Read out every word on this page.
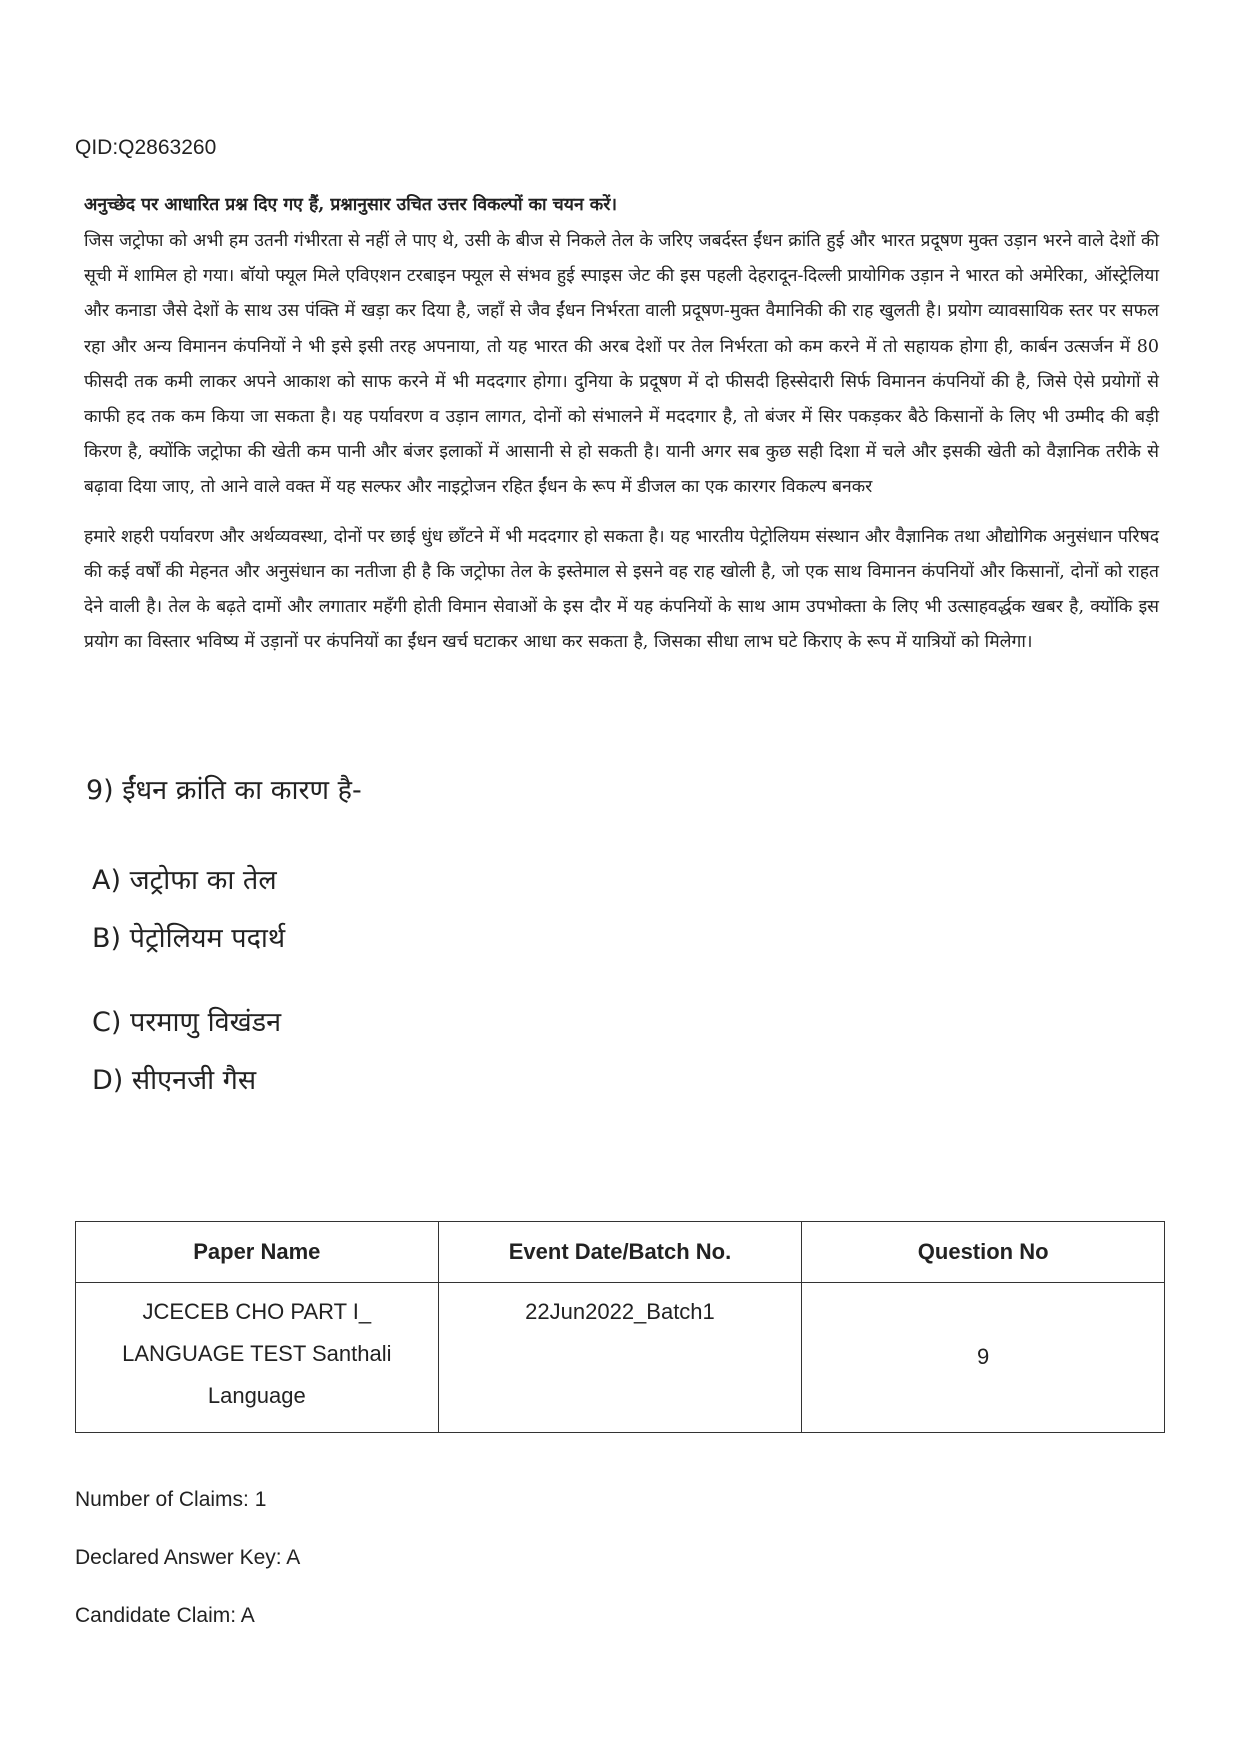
QID:Q2863260
अनुच्छेद पर आधारित प्रश्न दिए गए हैं, प्रश्नानुसार उचित उत्तर विकल्पों का चयन करें।

जिस जट्रोफा को अभी हम उतनी गंभीरता से नहीं ले पाए थे, उसी के बीज से निकले तेल के जरिए जबर्दस्त ईंधन क्रांति हुई और भारत प्रदूषण मुक्त उड़ान भरने वाले देशों की सूची में शामिल हो गया। बॉयो फ्यूल मिले एविएशन टरबाइन फ्यूल से संभव हुई स्पाइस जेट की इस पहली देहरादून-दिल्ली प्रायोगिक उड़ान ने भारत को अमेरिका, ऑस्ट्रेलिया और कनाडा जैसे देशों के साथ उस पंक्ति में खड़ा कर दिया है, जहाँ से जैव ईंधन निर्भरता वाली प्रदूषण-मुक्त वैमानिकी की राह खुलती है। प्रयोग व्यावसायिक स्तर पर सफल रहा और अन्य विमानन कंपनियों ने भी इसे इसी तरह अपनाया, तो यह भारत की अरब देशों पर तेल निर्भरता को कम करने में तो सहायक होगा ही, कार्बन उत्सर्जन में 80 फीसदी तक कमी लाकर अपने आकाश को साफ करने में भी मददगार होगा। दुनिया के प्रदूषण में दो फीसदी हिस्सेदारी सिर्फ विमानन कंपनियों की है, जिसे ऐसे प्रयोगों से काफी हद तक कम किया जा सकता है। यह पर्यावरण व उड़ान लागत, दोनों को संभालने में मददगार है, तो बंजर में सिर पकड़कर बैठे किसानों के लिए भी उम्मीद की बड़ी किरण है, क्योंकि जट्रोफा की खेती कम पानी और बंजर इलाकों में आसानी से हो सकती है। यानी अगर सब कुछ सही दिशा में चले और इसकी खेती को वैज्ञानिक तरीके से बढ़ावा दिया जाए, तो आने वाले वक्त में यह सल्फर और नाइट्रोजन रहित ईंधन के रूप में डीजल का एक कारगर विकल्प बनकर

हमारे शहरी पर्यावरण और अर्थव्यवस्था, दोनों पर छाई धुंध छाँटने में भी मददगार हो सकता है। यह भारतीय पेट्रोलियम संस्थान और वैज्ञानिक तथा औद्योगिक अनुसंधान परिषद की कई वर्षों की मेहनत और अनुसंधान का नतीजा ही है कि जट्रोफा तेल के इस्तेमाल से इसने वह राह खोली है, जो एक साथ विमानन कंपनियों और किसानों, दोनों को राहत देने वाली है। तेल के बढ़ते दामों और लगातार महँगी होती विमान सेवाओं के इस दौर में यह कंपनियों के साथ आम उपभोक्ता के लिए भी उत्साहवर्द्धक खबर है, क्योंकि इस प्रयोग का विस्तार भविष्य में उड़ानों पर कंपनियों का ईंधन खर्च घटाकर आधा कर सकता है, जिसका सीधा लाभ घटे किराए के रूप में यात्रियों को मिलेगा।

9) ईंधन क्रांति का कारण है-
A) जट्रोफा का तेल
B) पेट्रोलियम पदार्थ
C) परमाणु विखंडन
D) सीएनजी गैस
Paper Name	Event Date/Batch No.	Question No

JCECEB CHO PART I_
LANGUAGE TEST Santhali
Language	22Jun2022_Batch1	9
Number of Claims: 1
Declared Answer Key: A
Candidate Claim: A
